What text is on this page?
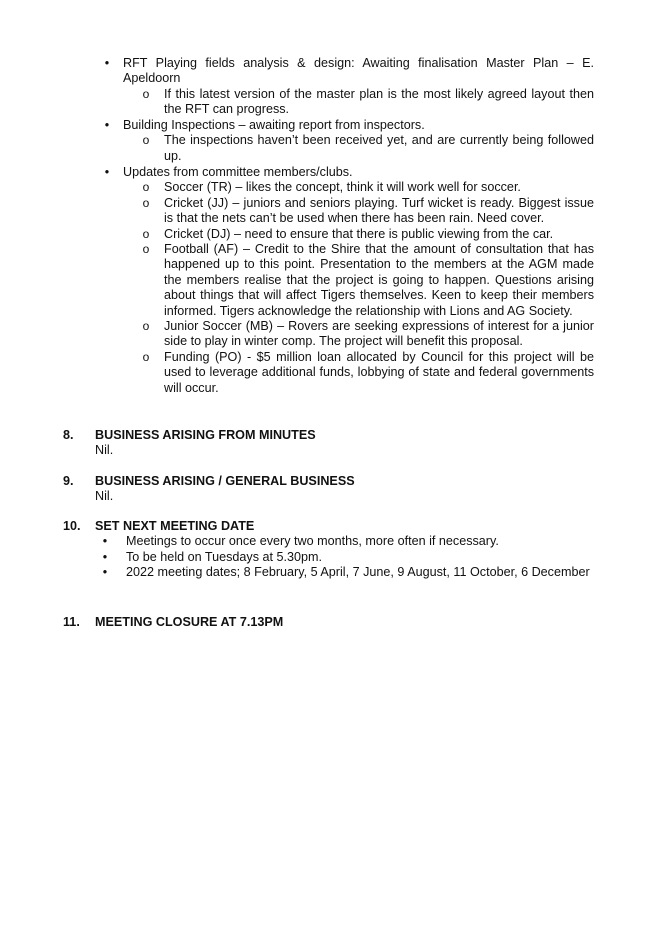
• RFT Playing fields analysis & design: Awaiting finalisation Master Plan – E. Apeldoorn
o If this latest version of the master plan is the most likely agreed layout then the RFT can progress.
• Building Inspections – awaiting report from inspectors.
o The inspections haven’t been received yet, and are currently being followed up.
• Updates from committee members/clubs.
o Soccer (TR) – likes the concept, think it will work well for soccer.
o Cricket (JJ) – juniors and seniors playing. Turf wicket is ready. Biggest issue is that the nets can’t be used when there has been rain. Need cover.
o Cricket (DJ) – need to ensure that there is public viewing from the car.
o Football (AF) – Credit to the Shire that the amount of consultation that has happened up to this point. Presentation to the members at the AGM made the members realise that the project is going to happen. Questions arising about things that will affect Tigers themselves. Keen to keep their members informed. Tigers acknowledge the relationship with Lions and AG Society.
o Junior Soccer (MB) – Rovers are seeking expressions of interest for a junior side to play in winter comp. The project will benefit this proposal.
o Funding (PO) - $5 million loan allocated by Council for this project will be used to leverage additional funds, lobbying of state and federal governments will occur.
8. BUSINESS ARISING FROM MINUTES
Nil.
9. BUSINESS ARISING / GENERAL BUSINESS
Nil.
10. SET NEXT MEETING DATE
• Meetings to occur once every two months, more often if necessary.
• To be held on Tuesdays at 5.30pm.
• 2022 meeting dates; 8 February, 5 April, 7 June, 9 August, 11 October, 6 December
11. MEETING CLOSURE AT 7.13PM
